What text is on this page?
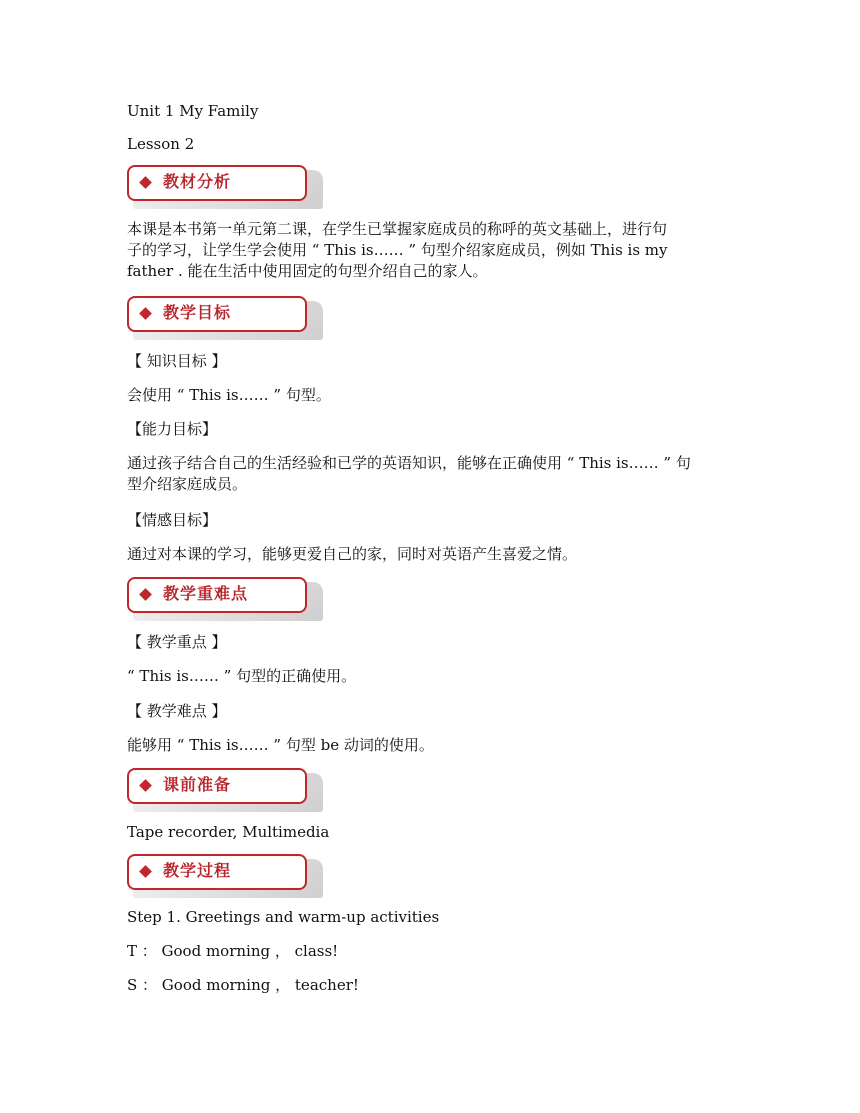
Unit 1 My Family
Lesson 2
教材分析
本课是本书第一单元第二课，在学生已掌握家庭成员的称呼的英文基础上，进行句
子的学习，让学生学会使用 “ This is…… ” 句型介绍家庭成员，例如 This is my
father . 能在生活中使用固定的句型介绍自己的家人。
教学目标
【 知识目标 】
会使用 “ This is…… ” 句型。
【能力目标】
通过孩子结合自己的生活经验和已学的英语知识，能够在正确使用 “ This is…… ” 句
型介绍家庭成员。
【情感目标】
通过对本课的学习，能够更爱自己的家，同时对英语产生喜爱之情。
教学重难点
【 教学重点 】
“ This is…… ” 句型的正确使用。
【 教学难点 】
能够用 “ This is…… ” 句型 be 动词的使用。
课前准备
Tape recorder, Multimedia
教学过程
Step 1. Greetings and warm-up activities
T ： Good morning ， class!
S ： Good morning ， teacher!
